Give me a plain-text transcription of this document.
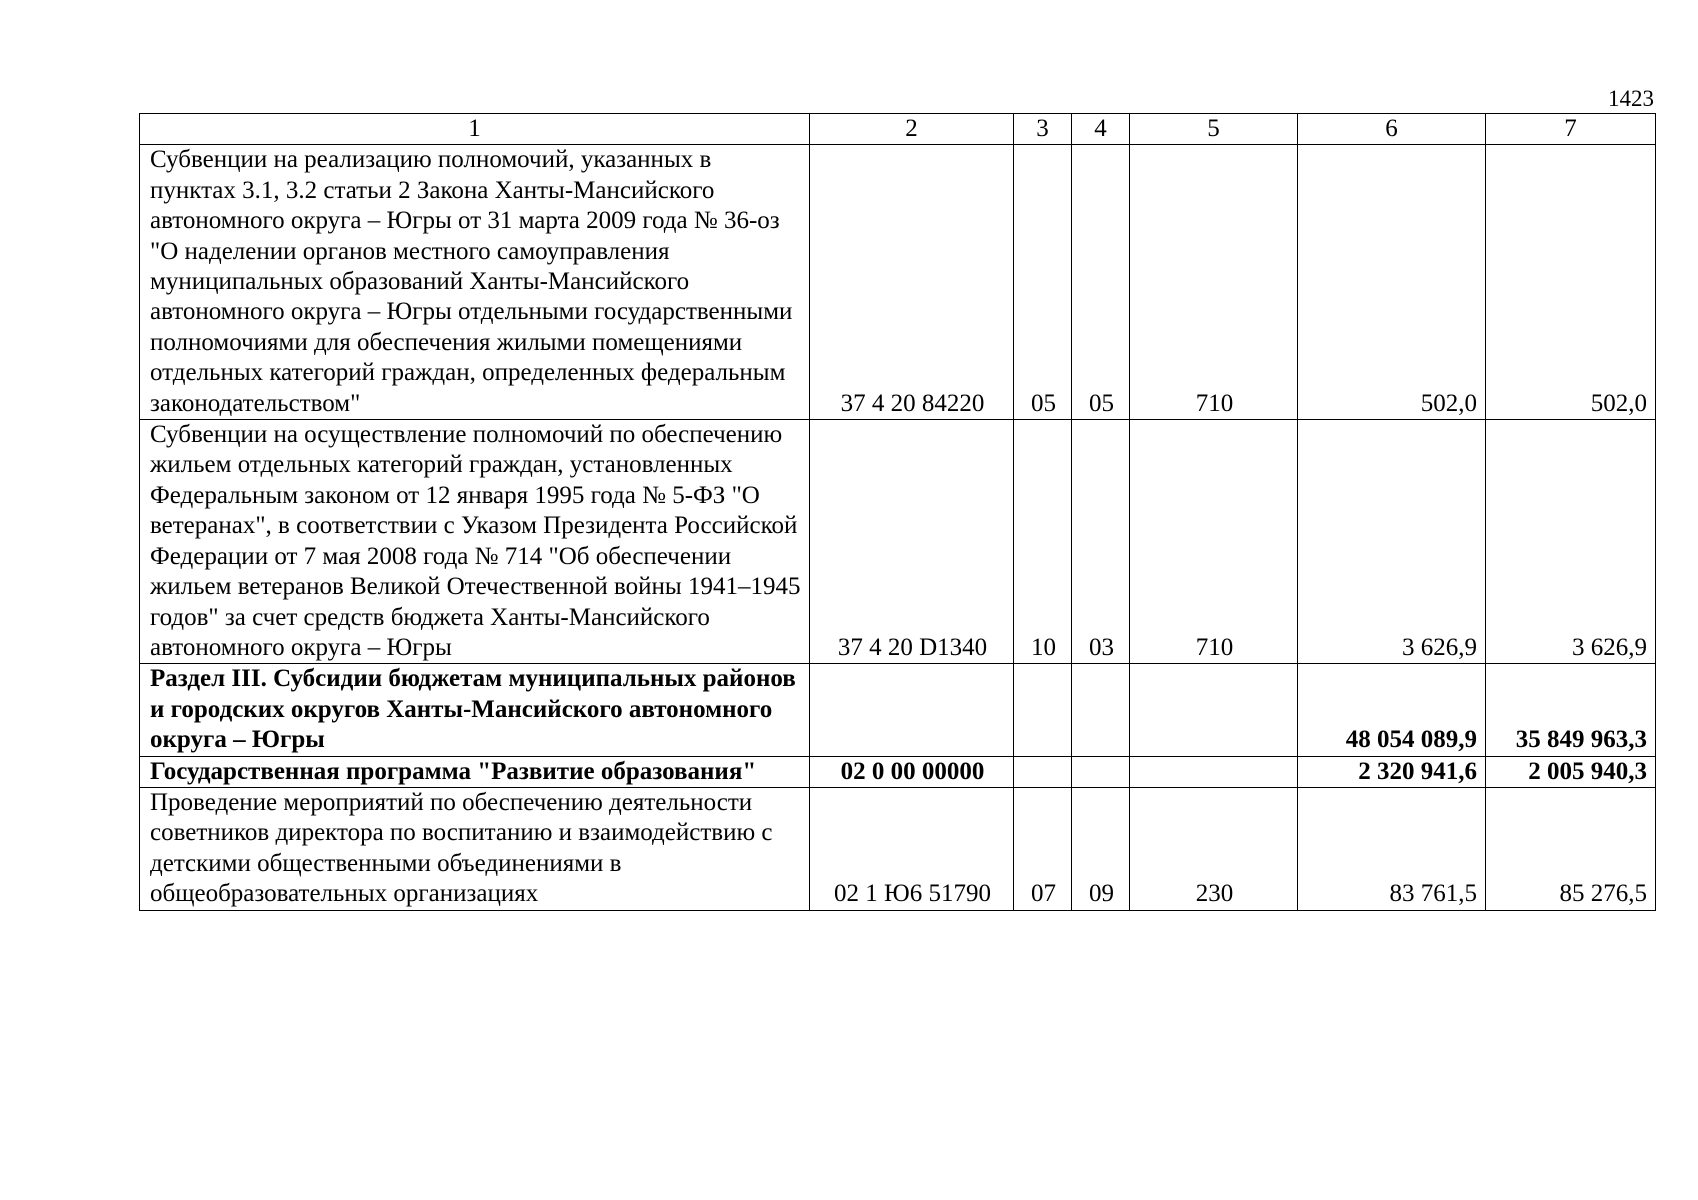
1423
1	2	3	4	5	6	7
Субвенции на реализацию полномочий, указанных в пунктах 3.1, 3.2 статьи 2 Закона Ханты-Мансийского автономного округа – Югры от 31 марта 2009 года № 36-оз "О наделении органов местного самоуправления муниципальных образований Ханты-Мансийского автономного округа – Югры отдельными государственными полномочиями для обеспечения жилыми помещениями отдельных категорий граждан, определенных федеральным законодательством"	37 4 20 84220	05	05	710	502,0	502,0
Субвенции на осуществление полномочий по обеспечению жильем отдельных категорий граждан, установленных Федеральным законом от 12 января 1995 года № 5-ФЗ "О ветеранах", в соответствии с Указом Президента Российской Федерации от 7 мая 2008 года № 714 "Об обеспечении жильем ветеранов Великой Отечественной войны 1941–1945 годов" за счет средств бюджета Ханты-Мансийского автономного округа – Югры	37 4 20 D1340	10	03	710	3 626,9	3 626,9
Раздел III. Субсидии бюджетам муниципальных районов и городских округов Ханты-Мансийского автономного округа – Югры					48 054 089,9	35 849 963,3
Государственная программа "Развитие образования"	02 0 00 00000				2 320 941,6	2 005 940,3
Проведение мероприятий по обеспечению деятельности советников директора по воспитанию и взаимодействию с детскими общественными объединениями в общеобразовательных организациях	02 1 Ю6 51790	07	09	230	83 761,5	85 276,5
